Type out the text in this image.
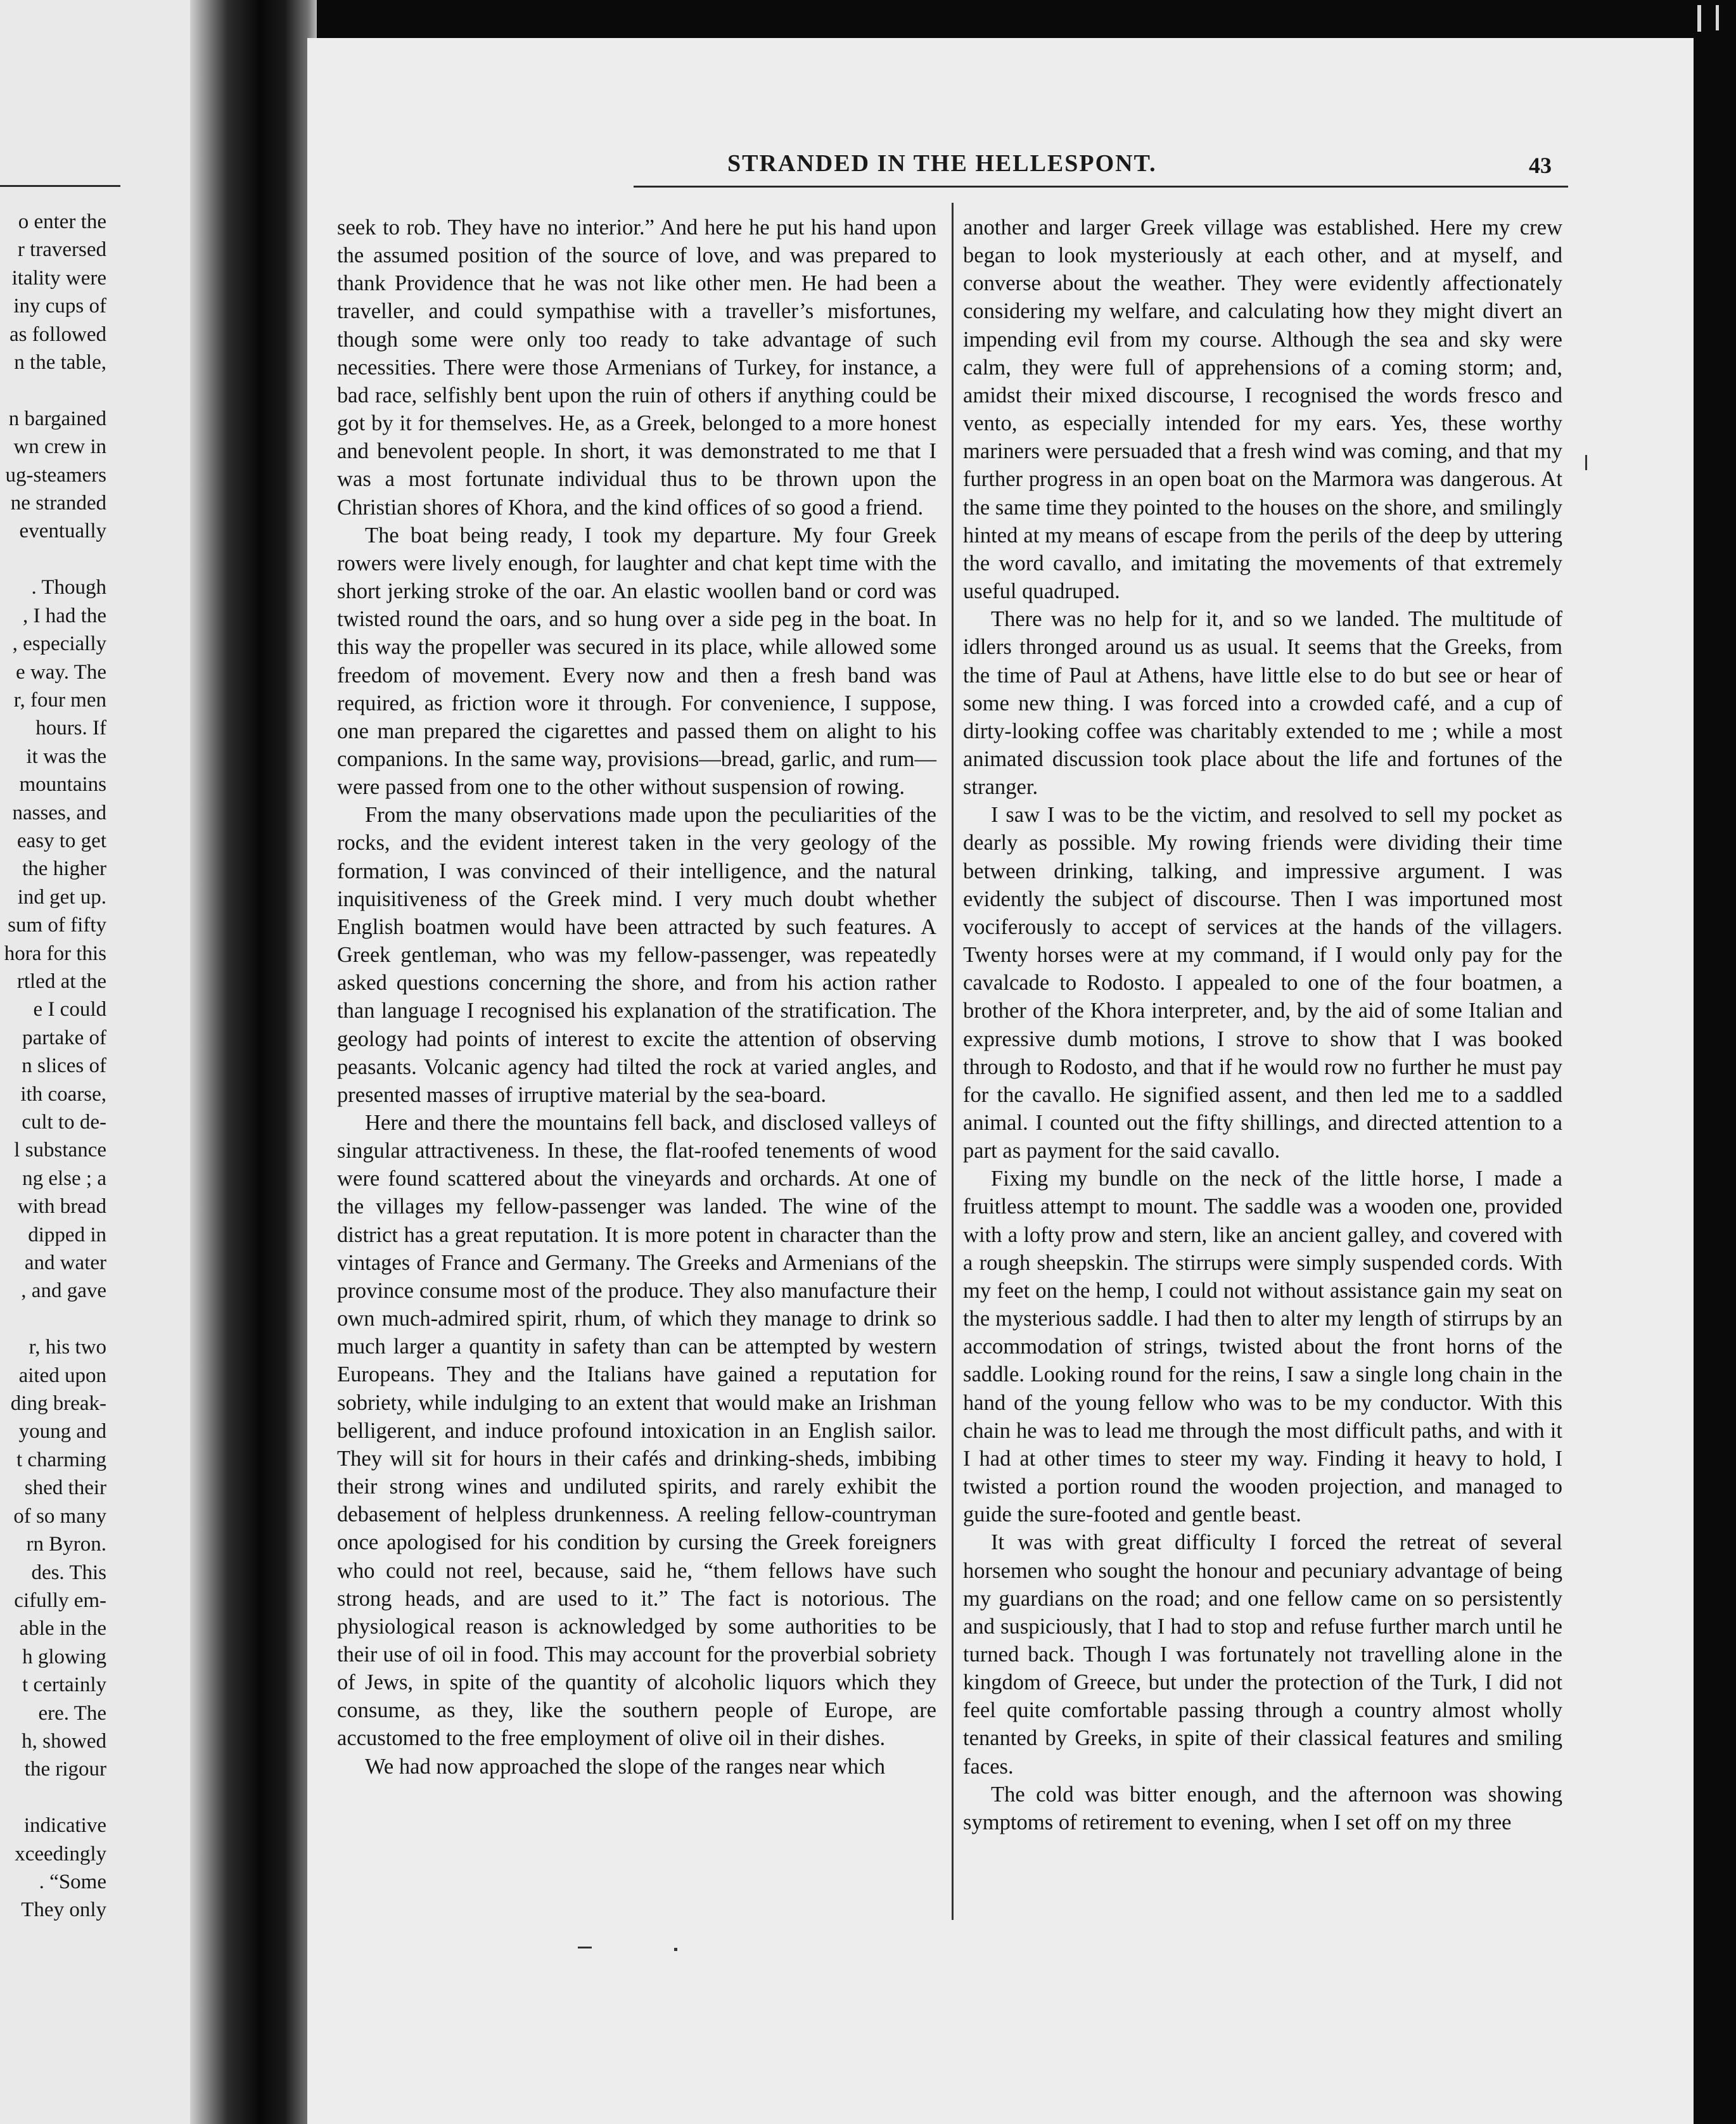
o enter the
r traversed
itality were
iny cups of
as followed
n the table,

n bargained
wn crew in
ug-steamers
ne stranded
eventually

. Though
, I had the
, especially
e way. The
r, four men
hours. If
it was the
mountains
nasses, and
easy to get
the higher
ind get up.
sum of fifty
hora for this
rtled at the
e I could
partake of
n slices of
ith coarse,
cult to de-
l substance
ng else ; a
with bread
dipped in
and water
, and gave

r, his two
aited upon
ding break-
young and
t charming
shed their
of so many
rn Byron.
des. This
cifully em-
able in the
h glowing
t certainly
ere. The
h, showed
the rigour

indicative
xceedingly
. “Some
They only
STRANDED IN THE HELLESPONT.	43

seek to rob. They have no interior.” And here he put his hand upon the assumed position of the source of love, and was prepared to thank Providence that he was not like other men. He had been a traveller, and could sympathise with a traveller’s misfortunes, though some were only too ready to take advantage of such necessities. There were those Armenians of Turkey, for instance, a bad race, selfishly bent upon the ruin of others if anything could be got by it for themselves. He, as a Greek, belonged to a more honest and benevolent people. In short, it was demonstrated to me that I was a most fortunate individual thus to be thrown upon the Christian shores of Khora, and the kind offices of so good a friend.

The boat being ready, I took my departure. My four Greek rowers were lively enough, for laughter and chat kept time with the short jerking stroke of the oar. An elastic woollen band or cord was twisted round the oars, and so hung over a side peg in the boat. In this way the propeller was secured in its place, while allowed some freedom of movement. Every now and then a fresh band was required, as friction wore it through. For convenience, I suppose, one man prepared the cigarettes and passed them on alight to his companions. In the same way, provisions—bread, garlic, and rum—were passed from one to the other without suspension of rowing.

From the many observations made upon the peculiarities of the rocks, and the evident interest taken in the very geology of the formation, I was convinced of their intelligence, and the natural inquisitiveness of the Greek mind. I very much doubt whether English boatmen would have been attracted by such features. A Greek gentleman, who was my fellow-passenger, was repeatedly asked questions concerning the shore, and from his action rather than language I recognised his explanation of the stratification. The geology had points of interest to excite the attention of observing peasants. Volcanic agency had tilted the rock at varied angles, and presented masses of irruptive material by the sea-board.

Here and there the mountains fell back, and disclosed valleys of singular attractiveness. In these, the flat-roofed tenements of wood were found scattered about the vineyards and orchards. At one of the villages my fellow-passenger was landed. The wine of the district has a great reputation. It is more potent in character than the vintages of France and Germany. The Greeks and Armenians of the province consume most of the produce. They also manufacture their own much-admired spirit, rhum, of which they manage to drink so much larger a quantity in safety than can be attempted by western Europeans. They and the Italians have gained a reputation for sobriety, while indulging to an extent that would make an Irishman belligerent, and induce profound intoxication in an English sailor. They will sit for hours in their cafés and drinking-sheds, imbibing their strong wines and undiluted spirits, and rarely exhibit the debasement of helpless drunkenness. A reeling fellow-countryman once apologised for his condition by cursing the Greek foreigners who could not reel, because, said he, “them fellows have such strong heads, and are used to it.” The fact is notorious. The physiological reason is acknowledged by some authorities to be their use of oil in food. This may account for the proverbial sobriety of Jews, in spite of the quantity of alcoholic liquors which they consume, as they, like the southern people of Europe, are accustomed to the free employment of olive oil in their dishes.

We had now approached the slope of the ranges near which

another and larger Greek village was established. Here my crew began to look mysteriously at each other, and at myself, and converse about the weather. They were evidently affectionately considering my welfare, and calculating how they might divert an impending evil from my course. Although the sea and sky were calm, they were full of apprehensions of a coming storm; and, amidst their mixed discourse, I recognised the words fresco and vento, as especially intended for my ears. Yes, these worthy mariners were persuaded that a fresh wind was coming, and that my further progress in an open boat on the Marmora was dangerous. At the same time they pointed to the houses on the shore, and smilingly hinted at my means of escape from the perils of the deep by uttering the word cavallo, and imitating the movements of that extremely useful quadruped.

There was no help for it, and so we landed. The multitude of idlers thronged around us as usual. It seems that the Greeks, from the time of Paul at Athens, have little else to do but see or hear of some new thing. I was forced into a crowded café, and a cup of dirty-looking coffee was charitably extended to me ; while a most animated discussion took place about the life and fortunes of the stranger.

I saw I was to be the victim, and resolved to sell my pocket as dearly as possible. My rowing friends were dividing their time between drinking, talking, and impressive argument. I was evidently the subject of discourse. Then I was importuned most vociferously to accept of services at the hands of the villagers. Twenty horses were at my command, if I would only pay for the cavalcade to Rodosto. I appealed to one of the four boatmen, a brother of the Khora interpreter, and, by the aid of some Italian and expressive dumb motions, I strove to show that I was booked through to Rodosto, and that if he would row no further he must pay for the cavallo. He signified assent, and then led me to a saddled animal. I counted out the fifty shillings, and directed attention to a part as payment for the said cavallo.

Fixing my bundle on the neck of the little horse, I made a fruitless attempt to mount. The saddle was a wooden one, provided with a lofty prow and stern, like an ancient galley, and covered with a rough sheepskin. The stirrups were simply suspended cords. With my feet on the hemp, I could not without assistance gain my seat on the mysterious saddle. I had then to alter my length of stirrups by an accommodation of strings, twisted about the front horns of the saddle. Looking round for the reins, I saw a single long chain in the hand of the young fellow who was to be my conductor. With this chain he was to lead me through the most difficult paths, and with it I had at other times to steer my way. Finding it heavy to hold, I twisted a portion round the wooden projection, and managed to guide the sure-footed and gentle beast.

It was with great difficulty I forced the retreat of several horsemen who sought the honour and pecuniary advantage of being my guardians on the road; and one fellow came on so persistently and suspiciously, that I had to stop and refuse further march until he turned back. Though I was fortunately not travelling alone in the kingdom of Greece, but under the protection of the Turk, I did not feel quite comfortable passing through a country almost wholly tenanted by Greeks, in spite of their classical features and smiling faces.

The cold was bitter enough, and the afternoon was showing symptoms of retirement to evening, when I set off on my three
